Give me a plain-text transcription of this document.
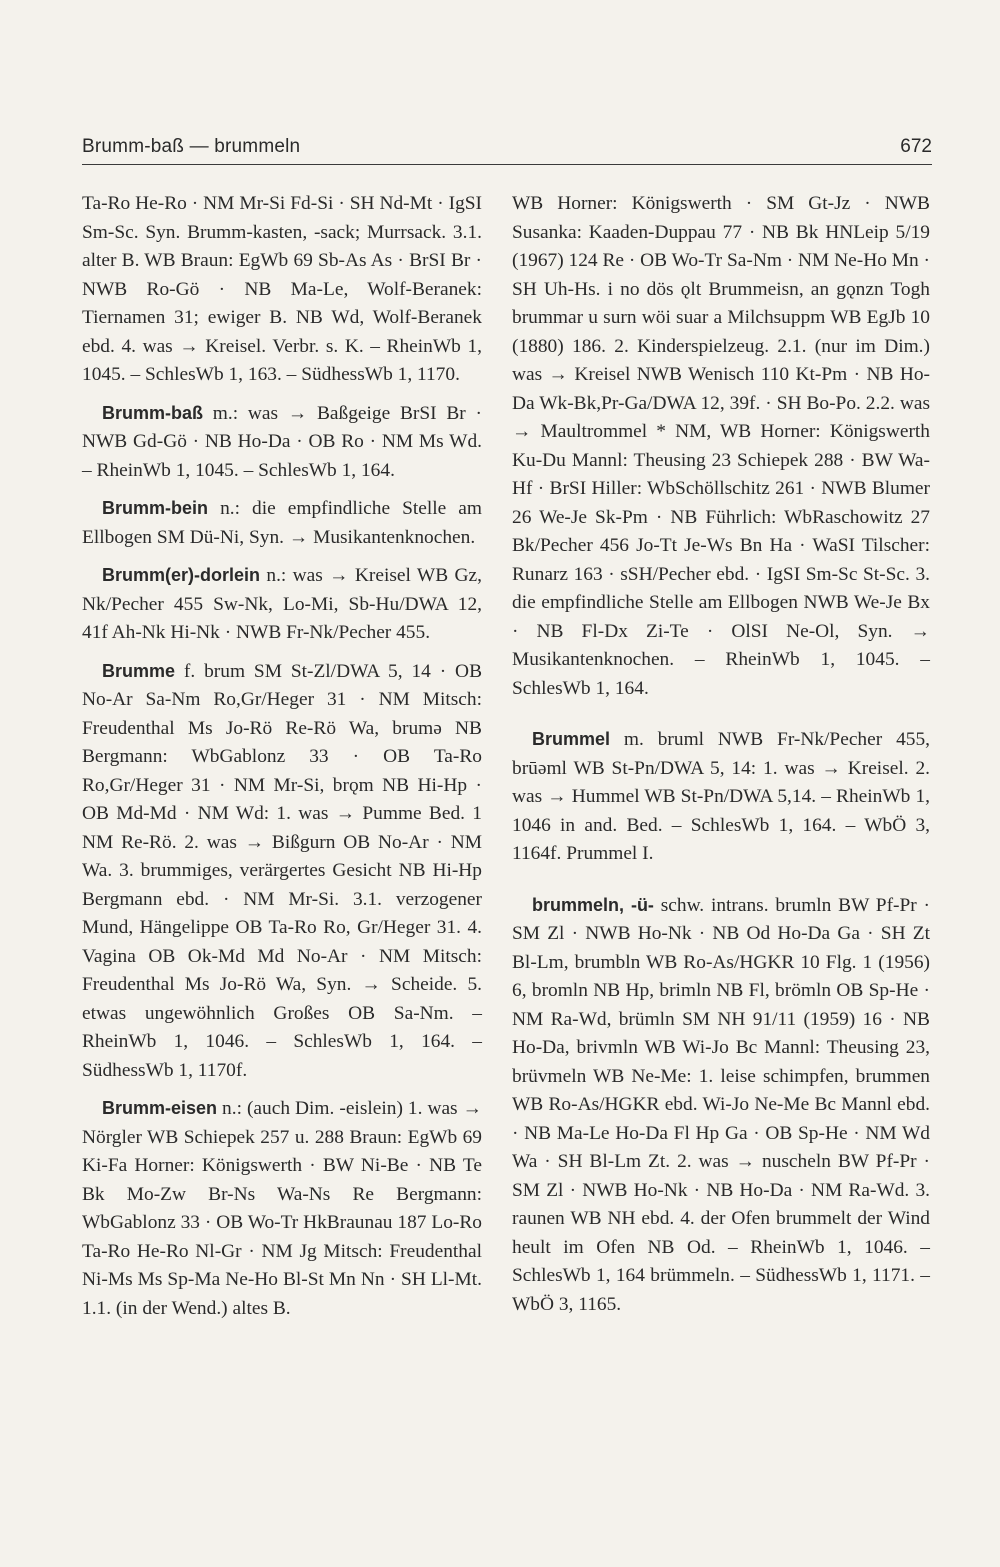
Brumm-baß — brummeln	672

Ta-Ro He-Ro · NM Mr-Si Fd-Si · SH Nd-Mt · IgSI Sm-Sc. Syn. Brumm-kasten, -sack; Murrsack. 3.1. alter B. WB Braun: EgWb 69 Sb-As As · BrSI Br · NWB Ro-Gö · NB Ma-Le, Wolf-Beranek: Tiernamen 31; ewiger B. NB Wd, Wolf-Beranek ebd. 4. was → Kreisel. Verbr. s. K. – RheinWb 1, 1045. – SchlesWb 1, 163. – SüdhessWb 1, 1170.

Brumm-baß m.: was → Baßgeige BrSI Br · NWB Gd-Gö · NB Ho-Da · OB Ro · NM Ms Wd. – RheinWb 1, 1045. – SchlesWb 1, 164.

Brumm-bein n.: die empfindliche Stelle am Ellbogen SM Dü-Ni, Syn. → Musikantenknochen.

Brumm(er)-dorlein n.: was → Kreisel WB Gz, Nk/Pecher 455 Sw-Nk, Lo-Mi, Sb-Hu/DWA 12, 41f Ah-Nk Hi-Nk · NWB Fr-Nk/Pecher 455.

Brumme f. brum SM St-Zl/DWA 5, 14 · OB No-Ar Sa-Nm Ro,Gr/Heger 31 · NM Mitsch: Freudenthal Ms Jo-Rö Re-Rö Wa, brumə NB Bergmann: WbGablonz 33 · OB Ta-Ro Ro,Gr/Heger 31 · NM Mr-Si, brǫm NB Hi-Hp · OB Md-Md · NM Wd: 1. was → Pumme Bed. 1 NM Re-Rö. 2. was → Bißgurn OB No-Ar · NM Wa. 3. brummiges, verärgertes Gesicht NB Hi-Hp Bergmann ebd. · NM Mr-Si. 3.1. verzogener Mund, Hängelippe OB Ta-Ro Ro, Gr/Heger 31. 4. Vagina OB Ok-Md Md No-Ar · NM Mitsch: Freudenthal Ms Jo-Rö Wa, Syn. → Scheide. 5. etwas ungewöhnlich Großes OB Sa-Nm. – RheinWb 1, 1046. – SchlesWb 1, 164. – SüdhessWb 1, 1170f.

Brumm-eisen n.: (auch Dim. -eislein) 1. was → Nörgler WB Schiepek 257 u. 288 Braun: EgWb 69 Ki-Fa Horner: Königswerth · BW Ni-Be · NB Te Bk Mo-Zw Br-Ns Wa-Ns Re Bergmann: WbGablonz 33 · OB Wo-Tr HkBraunau 187 Lo-Ro Ta-Ro He-Ro Nl-Gr · NM Jg Mitsch: Freudenthal Ni-Ms Ms Sp-Ma Ne-Ho Bl-St Mn Nn · SH Ll-Mt. 1.1. (in der Wend.) altes B.

WB Horner: Königswerth · SM Gt-Jz · NWB Susanka: Kaaden-Duppau 77 · NB Bk HNLeip 5/19 (1967) 124 Re · OB Wo-Tr Sa-Nm · NM Ne-Ho Mn · SH Uh-Hs. i no dös ǫlt Brummeisn, an gǫnzn Togh brummar u surn wöi suar a Milchsuppm WB EgJb 10 (1880) 186. 2. Kinderspielzeug. 2.1. (nur im Dim.) was → Kreisel NWB Wenisch 110 Kt-Pm · NB Ho-Da Wk-Bk,Pr-Ga/DWA 12, 39f. · SH Bo-Po. 2.2. was → Maultrommel * NM, WB Horner: Königswerth Ku-Du Mannl: Theusing 23 Schiepek 288 · BW Wa-Hf · BrSI Hiller: WbSchöllschitz 261 · NWB Blumer 26 We-Je Sk-Pm · NB Führlich: WbRaschowitz 27 Bk/Pecher 456 Jo-Tt Je-Ws Bn Ha · WaSI Tilscher: Runarz 163 · sSH/Pecher ebd. · IgSI Sm-Sc St-Sc. 3. die empfindliche Stelle am Ellbogen NWB We-Je Bx · NB Fl-Dx Zi-Te · OlSI Ne-Ol, Syn. → Musikantenknochen. – RheinWb 1, 1045. – SchlesWb 1, 164.

Brummel m. bruml NWB Fr-Nk/Pecher 455, brūəml WB St-Pn/DWA 5, 14: 1. was → Kreisel. 2. was → Hummel WB St-Pn/DWA 5,14. – RheinWb 1, 1046 in and. Bed. – SchlesWb 1, 164. – WbÖ 3, 1164f. Prummel I.

brummeln, -ü- schw. intrans. brumln BW Pf-Pr · SM Zl · NWB Ho-Nk · NB Od Ho-Da Ga · SH Zt Bl-Lm, brumbln WB Ro-As/HGKR 10 Flg. 1 (1956) 6, bromln NB Hp, brimln NB Fl, brömln OB Sp-He · NM Ra-Wd, brümln SM NH 91/11 (1959) 16 · NB Ho-Da, brivmln WB Wi-Jo Bc Mannl: Theusing 23, brüvmeln WB Ne-Me: 1. leise schimpfen, brummen WB Ro-As/HGKR ebd. Wi-Jo Ne-Me Bc Mannl ebd. · NB Ma-Le Ho-Da Fl Hp Ga · OB Sp-He · NM Wd Wa · SH Bl-Lm Zt. 2. was → nuscheln BW Pf-Pr · SM Zl · NWB Ho-Nk · NB Ho-Da · NM Ra-Wd. 3. raunen WB NH ebd. 4. der Ofen brummelt der Wind heult im Ofen NB Od. – RheinWb 1, 1046. – SchlesWb 1, 164 brümmeln. – SüdhessWb 1, 1171. – WbÖ 3, 1165.
